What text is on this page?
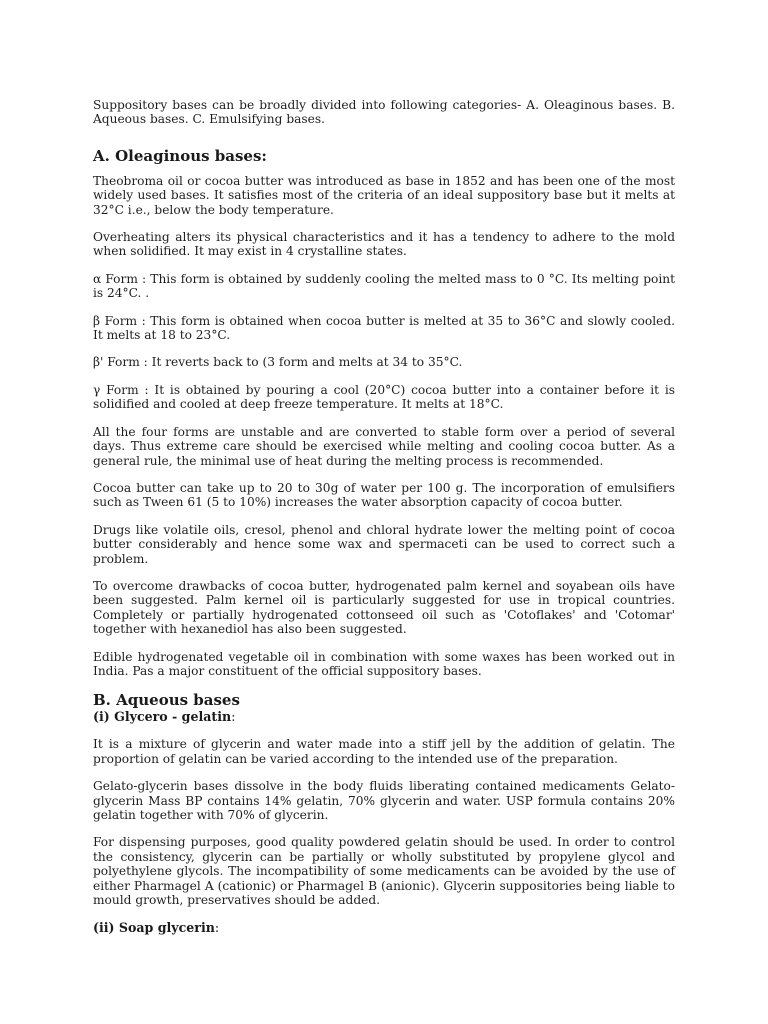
Suppository bases can be broadly divided into following categories- A. Oleaginous bases. B. Aqueous bases. C. Emulsifying bases.

A. Oleaginous bases:

Theobroma oil or cocoa butter was introduced as base in 1852 and has been one of the most widely used bases. It satisfies most of the criteria of an ideal suppository base but it melts at 32°C i.e., below the body temperature.

Overheating alters its physical characteristics and it has a tendency to adhere to the mold when solidified. It may exist in 4 crystalline states.

α Form : This form is obtained by suddenly cooling the melted mass to 0 °C. Its melting point is 24°C. .

β Form : This form is obtained when cocoa butter is melted at 35 to 36°C and slowly cooled. It melts at 18 to 23°C.

β' Form : It reverts back to (3 form and melts at 34 to 35°C.

γ Form : It is obtained by pouring a cool (20°C) cocoa butter into a container before it is solidified and cooled at deep freeze temperature. It melts at 18°C.

All the four forms are unstable and are converted to stable form over a period of several days. Thus extreme care should be exercised while melting and cooling cocoa butter. As a general rule, the minimal use of heat during the melting process is recommended.

Cocoa butter can take up to 20 to 30g of water per 100 g. The incorporation of emulsifiers such as Tween 61 (5 to 10%) increases the water absorption capacity of cocoa butter.

Drugs like volatile oils, cresol, phenol and chloral hydrate lower the melting point of cocoa butter considerably and hence some wax and spermaceti can be used to correct such a problem.

To overcome drawbacks of cocoa butter, hydrogenated palm kernel and soyabean oils have been suggested. Palm kernel oil is particularly suggested for use in tropical countries. Completely or partially hydrogenated cottonseed oil such as 'Cotoflakes' and 'Cotomar' together with hexanediol has also been suggested.

Edible hydrogenated vegetable oil in combination with some waxes has been worked out in India. Pas a major constituent of the official suppository bases.

B. Aqueous bases
(i) Glycero - gelatin:

It is a mixture of glycerin and water made into a stiff jell by the addition of gelatin. The proportion of gelatin can be varied according to the intended use of the preparation.

Gelato-glycerin bases dissolve in the body fluids liberating contained medicaments Gelato-glycerin Mass BP contains 14% gelatin, 70% glycerin and water. USP formula contains 20% gelatin together with 70% of glycerin.

For dispensing purposes, good quality powdered gelatin should be used. In order to control the consistency, glycerin can be partially or wholly substituted by propylene glycol and polyethylene glycols. The incompatibility of some medicaments can be avoided by the use of either Pharmagel A (cationic) or Pharmagel B (anionic). Glycerin suppositories being liable to mould growth, preservatives should be added.

(ii) Soap glycerin:
